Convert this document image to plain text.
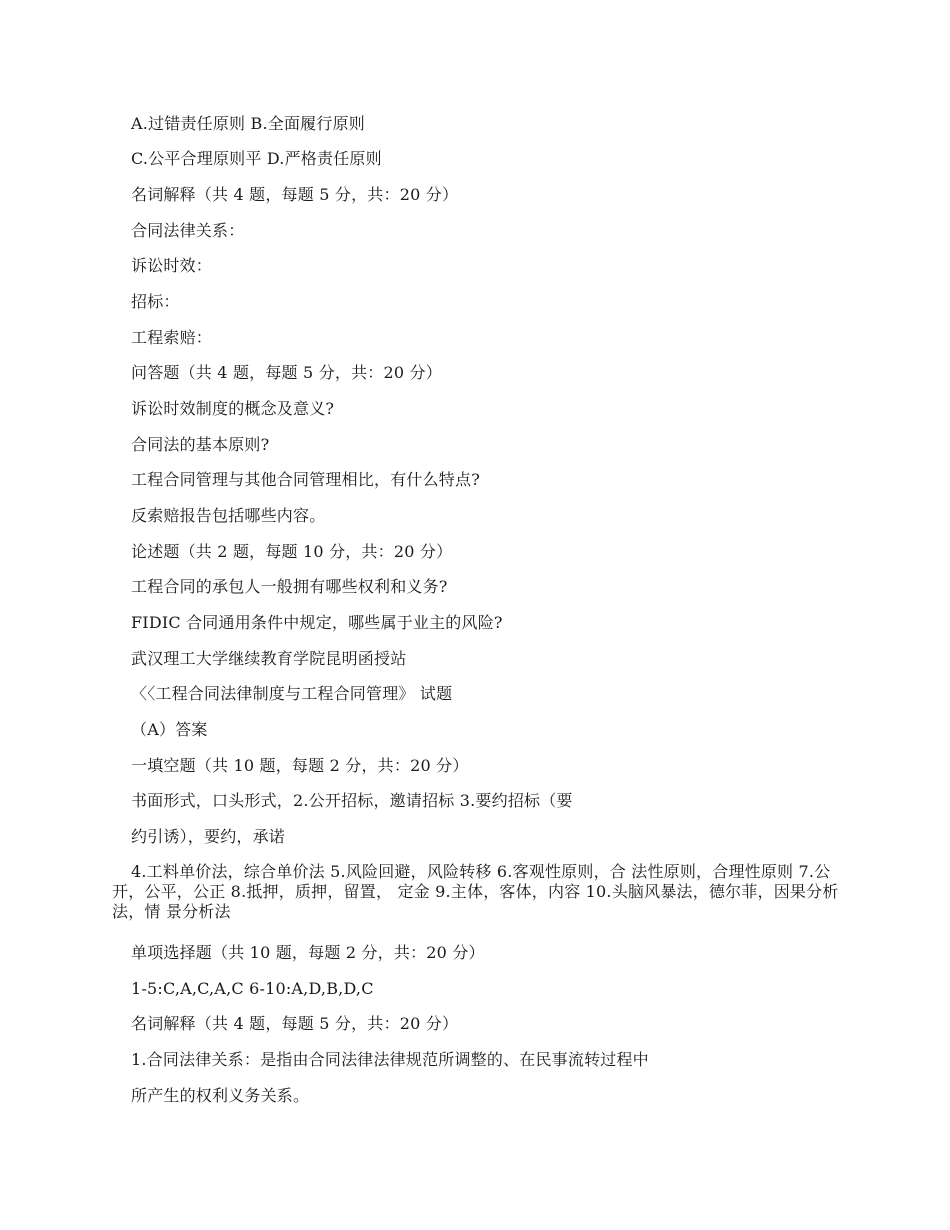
A.过错责任原则 B.全面履行原则
C.公平合理原则平 D.严格责任原则
名词解释（共 4 题，每题 5 分，共：20 分）
合同法律关系：
诉讼时效：
招标：
工程索赔：
问答题（共 4 题，每题 5 分，共：20 分）
诉讼时效制度的概念及意义?
合同法的基本原则?
工程合同管理与其他合同管理相比，有什么特点?
反索赔报告包括哪些内容。
论述题（共 2 题，每题 10 分，共：20 分）
工程合同的承包人一般拥有哪些权利和义务?
FIDIC 合同通用条件中规定，哪些属于业主的风险?
武汉理工大学继续教育学院昆明函授站
〈〈工程合同法律制度与工程合同管理》 试题
（A）答案
一填空题（共 10 题，每题 2 分，共：20 分）
书面形式，口头形式，2.公开招标，邀请招标 3.要约招标（要
约引诱），要约，承诺
4.工料单价法，综合单价法 5.风险回避，风险转移 6.客观性原则，合 法性原则，合理性原则 7.公开，公平，公正 8.抵押，质押，留置， 定金 9.主体，客体，内容 10.头脑风暴法，德尔菲，因果分析法，情 景分析法
单项选择题（共 10 题，每题 2 分，共：20 分）
1-5:C,A,C,A,C 6-10:A,D,B,D,C
名词解释（共 4 题，每题 5 分，共：20 分）
1.合同法律关系：是指由合同法律法律规范所调整的、在民事流转过程中
所产生的权利义务关系。
